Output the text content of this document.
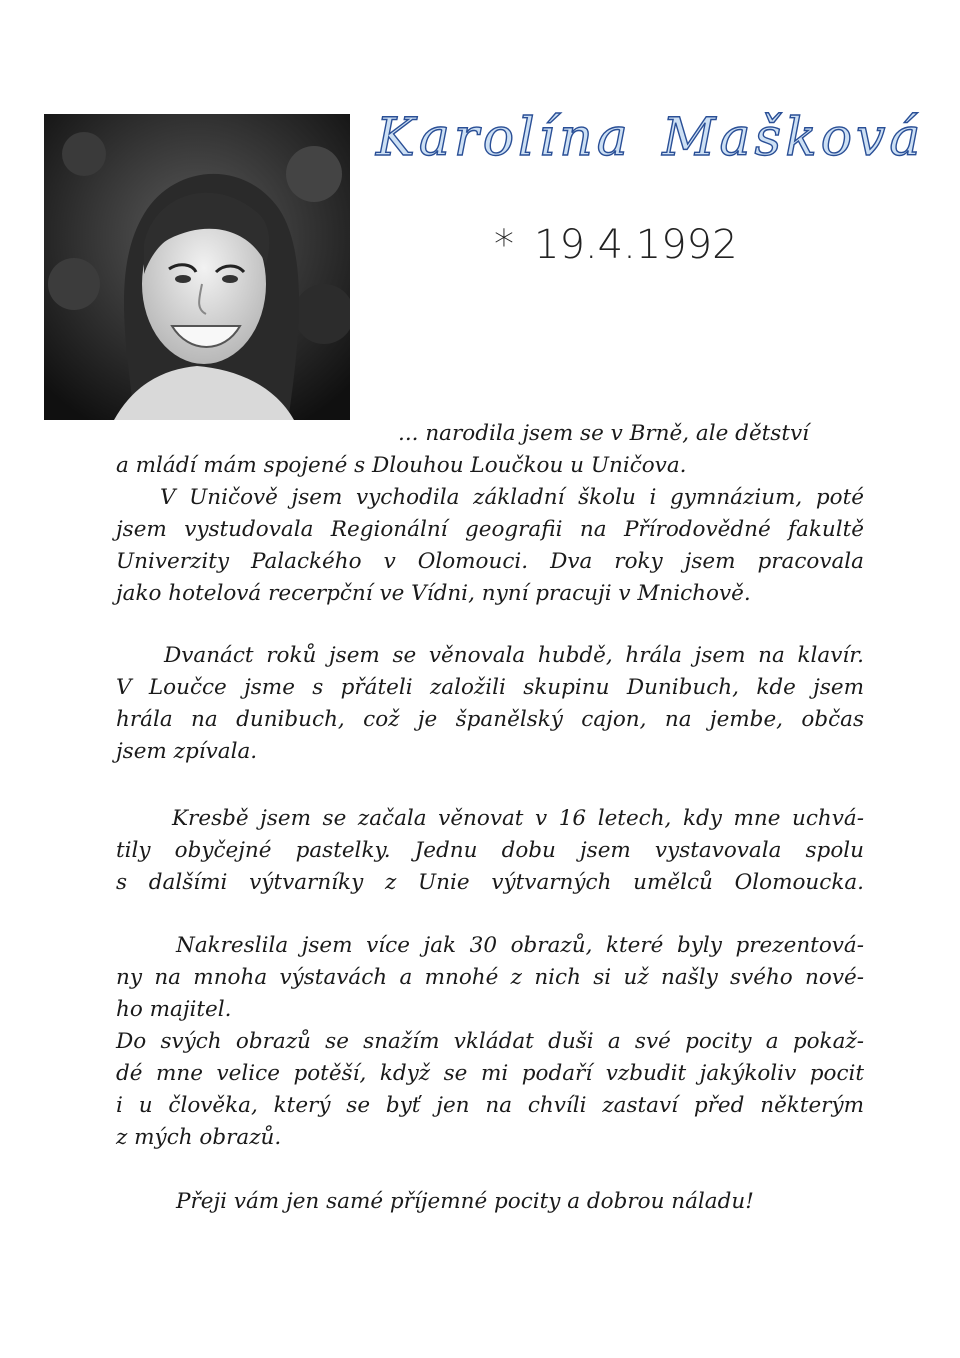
Karolína Mašková
* 19.4.1992
... narodila jsem se v Brně, ale dětství
a mládí mám spojené s Dlouhou Loučkou u Uničova.
V Uničově jsem vychodila základní školu i gymnázium, poté
jsem vystudovala Regionální geografii na Přírodovědné fakultě
Univerzity Palackého v Olomouci. Dva roky jsem pracovala
jako hotelová recerpční ve Vídni, nyní pracuji v Mnichově.
Dvanáct roků jsem se věnovala hubdě, hrála jsem na klavír.
V Loučce jsme s přáteli založili skupinu Dunibuch, kde jsem
hrála na dunibuch, což je španělský cajon, na jembe, občas
jsem zpívala.
Kresbě jsem se začala věnovat v 16 letech, kdy mne uchvá-
tily obyčejné pastelky. Jednu dobu jsem vystavovala spolu
s dalšími výtvarníky z Unie výtvarných umělců Olomoucka.
Nakreslila jsem více jak 30 obrazů, které byly prezentová-
ny na mnoha výstavách a mnohé z nich si už našly svého nové-
ho majitel.
Do svých obrazů se snažím vkládat duši a své pocity a pokaž-
dé mne velice potěší, když se mi podaří vzbudit jakýkoliv pocit
i u člověka, který se byť jen na chvíli zastaví před některým
z mých obrazů.
Přeji vám jen samé příjemné pocity a dobrou náladu!
